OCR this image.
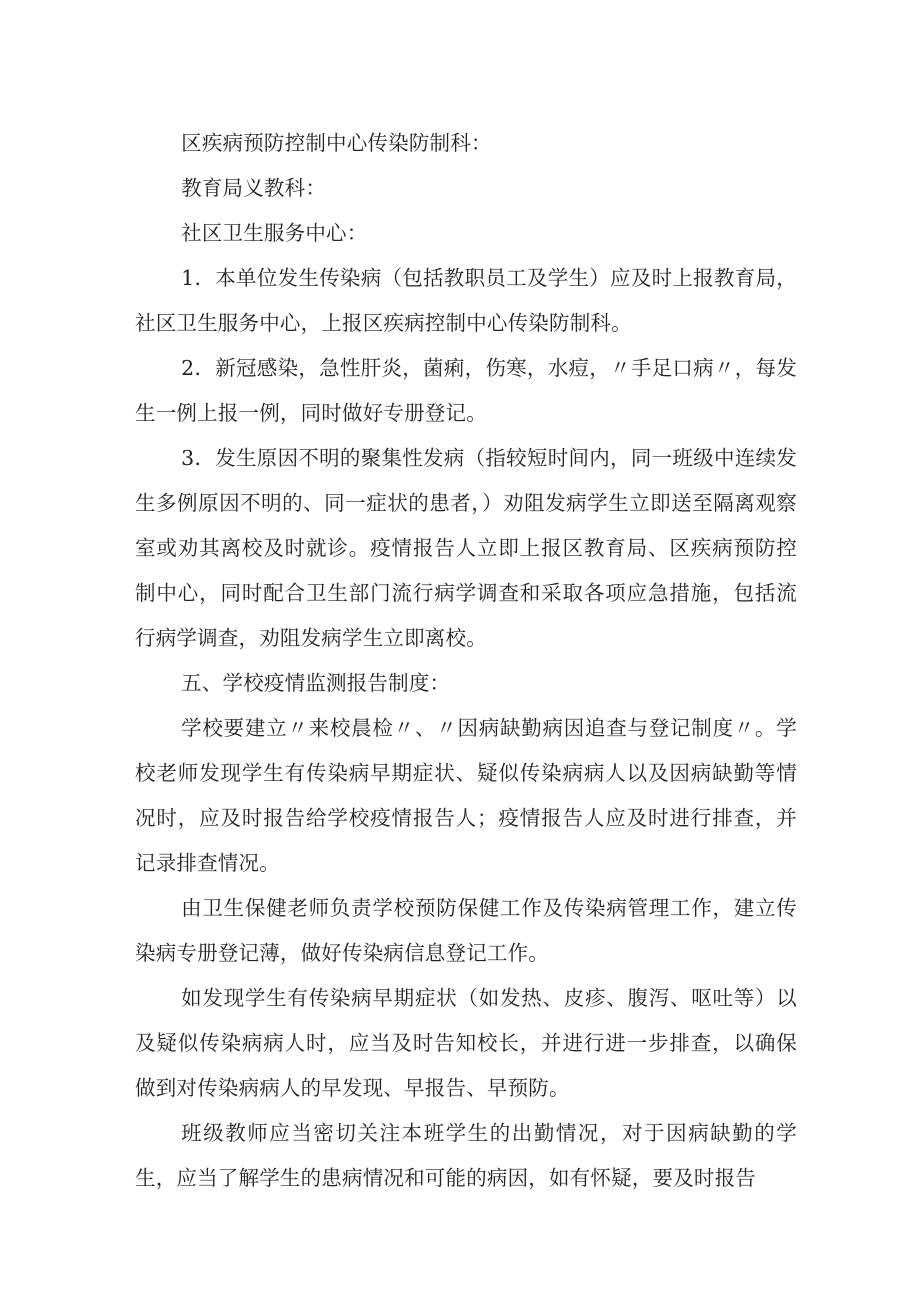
区疾病预防控制中心传染防制科：

教育局义教科：

社区卫生服务中心：

1．本单位发生传染病（包括教职员工及学生）应及时上报教育局，社区卫生服务中心，上报区疾病控制中心传染防制科。

2．新冠感染，急性肝炎，菌痢，伤寒，水痘，〃手足口病〃，每发生一例上报一例，同时做好专册登记。

3．发生原因不明的聚集性发病（指较短时间内，同一班级中连续发生多例原因不明的、同一症状的患者，）劝阻发病学生立即送至隔离观察室或劝其离校及时就诊。疫情报告人立即上报区教育局、区疾病预防控制中心，同时配合卫生部门流行病学调查和采取各项应急措施，包括流行病学调查，劝阻发病学生立即离校。

五、学校疫情监测报告制度：

学校要建立〃来校晨检〃、〃因病缺勤病因追查与登记制度〃。学校老师发现学生有传染病早期症状、疑似传染病病人以及因病缺勤等情况时，应及时报告给学校疫情报告人；疫情报告人应及时进行排查，并记录排查情况。

由卫生保健老师负责学校预防保健工作及传染病管理工作，建立传染病专册登记薄，做好传染病信息登记工作。

如发现学生有传染病早期症状（如发热、皮疹、腹泻、呕吐等）以及疑似传染病病人时，应当及时告知校长，并进行进一步排查，以确保做到对传染病病人的早发现、早报告、早预防。

班级教师应当密切关注本班学生的出勤情况，对于因病缺勤的学生，应当了解学生的患病情况和可能的病因，如有怀疑，要及时报告
